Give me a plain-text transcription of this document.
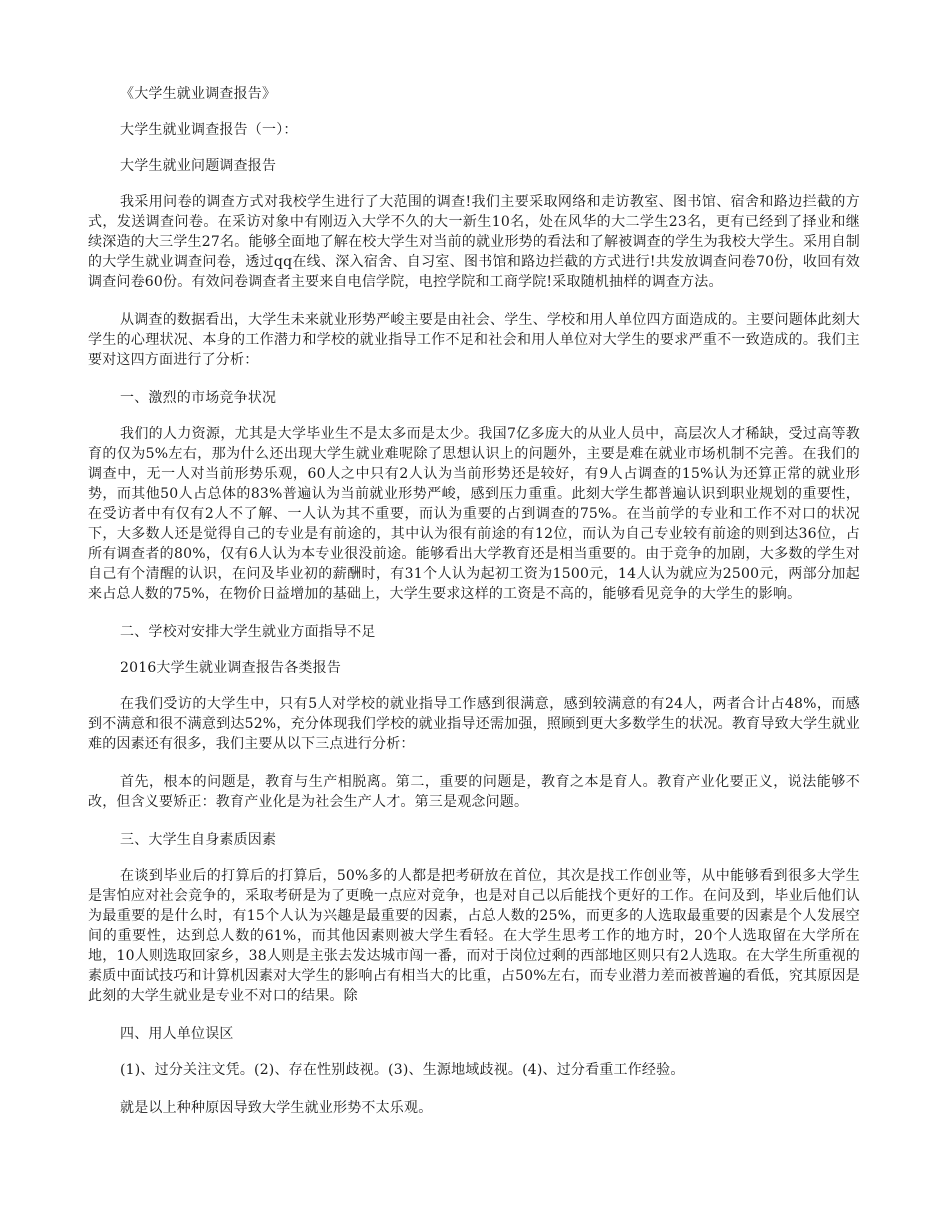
《大学生就业调查报告》

大学生就业调查报告（一）：

大学生就业问题调查报告

我采用问卷的调查方式对我校学生进行了大范围的调查!我们主要采取网络和走访教室、图书馆、宿舍和路边拦截的方式，发送调查问卷。在采访对象中有刚迈入大学不久的大一新生10名，处在风华的大二学生23名，更有已经到了择业和继续深造的大三学生27名。能够全面地了解在校大学生对当前的就业形势的看法和了解被调查的学生为我校大学生。采用自制的大学生就业调查问卷，透过qq在线、深入宿舍、自习室、图书馆和路边拦截的方式进行!共发放调查问卷70份，收回有效调查问卷60份。有效问卷调查者主要来自电信学院，电控学院和工商学院!采取随机抽样的调查方法。

从调查的数据看出，大学生未来就业形势严峻主要是由社会、学生、学校和用人单位四方面造成的。主要问题体此刻大学生的心理状况、本身的工作潜力和学校的就业指导工作不足和社会和用人单位对大学生的要求严重不一致造成的。我们主要对这四方面进行了分析：

一、激烈的市场竞争状况

我们的人力资源，尤其是大学毕业生不是太多而是太少。我国7亿多庞大的从业人员中，高层次人才稀缺，受过高等教育的仅为5%左右，那为什么还出现大学生就业难呢除了思想认识上的问题外，主要是难在就业市场机制不完善。在我们的调查中，无一人对当前形势乐观，60人之中只有2人认为当前形势还是较好，有9人占调查的15%认为还算正常的就业形势，而其他50人占总体的83%普遍认为当前就业形势严峻，感到压力重重。此刻大学生都普遍认识到职业规划的重要性，在受访者中有仅有2人不了解、一人认为其不重要，而认为重要的占到调查的75%。在当前学的专业和工作不对口的状况下，大多数人还是觉得自己的专业是有前途的，其中认为很有前途的有12位，而认为自己专业较有前途的则到达36位，占所有调查者的80%，仅有6人认为本专业很没前途。能够看出大学教育还是相当重要的。由于竞争的加剧，大多数的学生对自己有个清醒的认识，在问及毕业初的薪酬时，有31个人认为起初工资为1500元，14人认为就应为2500元，两部分加起来占总人数的75%，在物价日益增加的基础上，大学生要求这样的工资是不高的，能够看见竞争的大学生的影响。

二、学校对安排大学生就业方面指导不足

2016大学生就业调查报告各类报告

在我们受访的大学生中，只有5人对学校的就业指导工作感到很满意，感到较满意的有24人，两者合计占48%，而感到不满意和很不满意到达52%，充分体现我们学校的就业指导还需加强，照顾到更大多数学生的状况。教育导致大学生就业难的因素还有很多，我们主要从以下三点进行分析：

首先，根本的问题是，教育与生产相脱离。第二，重要的问题是，教育之本是育人。教育产业化要正义，说法能够不改，但含义要矫正：教育产业化是为社会生产人才。第三是观念问题。

三、大学生自身素质因素

在谈到毕业后的打算后的打算后，50%多的人都是把考研放在首位，其次是找工作创业等，从中能够看到很多大学生是害怕应对社会竞争的，采取考研是为了更晚一点应对竞争，也是对自己以后能找个更好的工作。在问及到，毕业后他们认为最重要的是什么时，有15个人认为兴趣是最重要的因素，占总人数的25%，而更多的人选取最重要的因素是个人发展空间的重要性，达到总人数的61%，而其他因素则被大学生看轻。在大学生思考工作的地方时，20个人选取留在大学所在地，10人则选取回家乡，38人则是主张去发达城市闯一番，而对于岗位过剩的西部地区则只有2人选取。在大学生所重视的素质中面试技巧和计算机因素对大学生的影响占有相当大的比重，占50%左右，而专业潜力差而被普遍的看低，究其原因是此刻的大学生就业是专业不对口的结果。除

四、用人单位误区

(1)、过分关注文凭。(2)、存在性别歧视。(3)、生源地域歧视。(4)、过分看重工作经验。

就是以上种种原因导致大学生就业形势不太乐观。
